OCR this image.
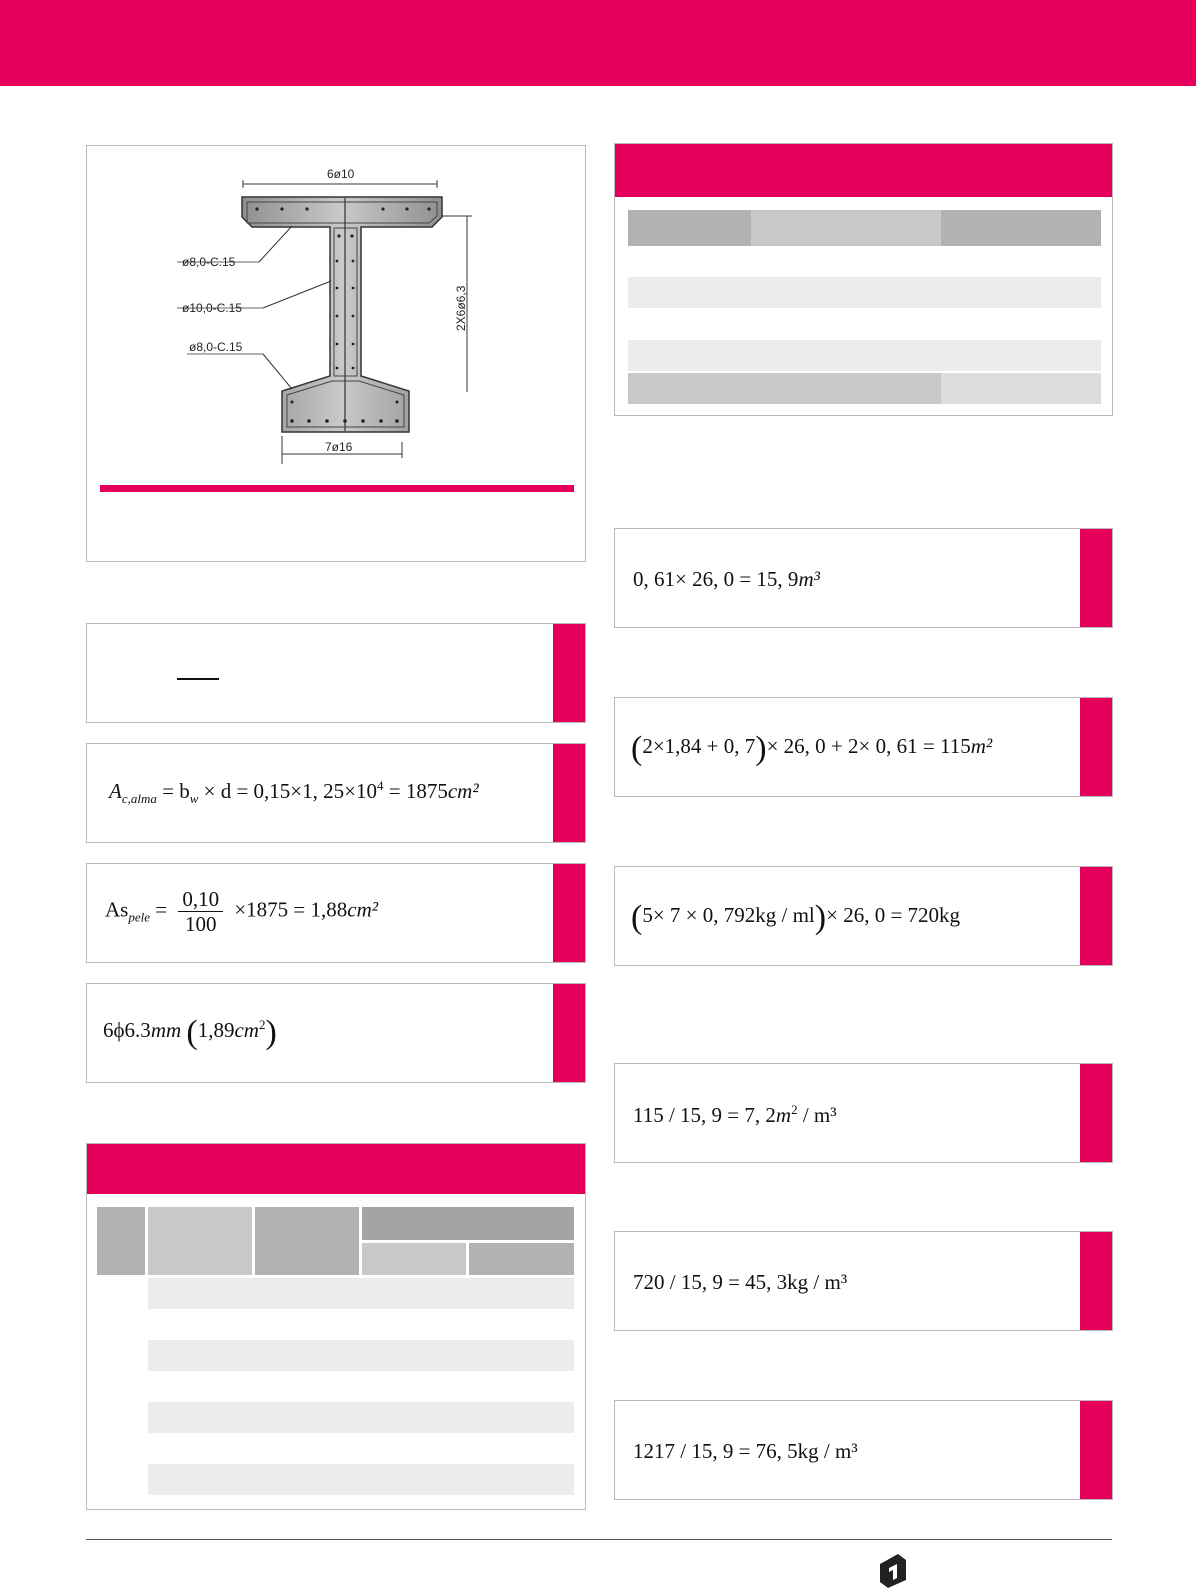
6ø10
ø8,0-C.15
ø10,0-C.15
ø8,0-C.15
2X6ø6,3
7ø16
$A_{c,alma} = b_w \times d = 0,15\times 1$, $25\times 10^4 = 1875cm^2$
$As_{pele} = \frac{0,10}{100} \times 1875 = 1,88cm^2$
6ϕ6.3mm $(1,89cm^2)$
0, 61× 26, 0 = 15, 9m³
(2×1,84 + 0, 7)× 26, 0 + 2× 0, 61 = 115m²
(5× 7 × 0, 792kg / ml)× 26, 0 = 720kg
115 / 15, 9 = 7, $2m^2 / m^3$
720 / 15, 9 = 45, 3kg / m³
1217 / 15, 9 = 76, 5kg / m³
